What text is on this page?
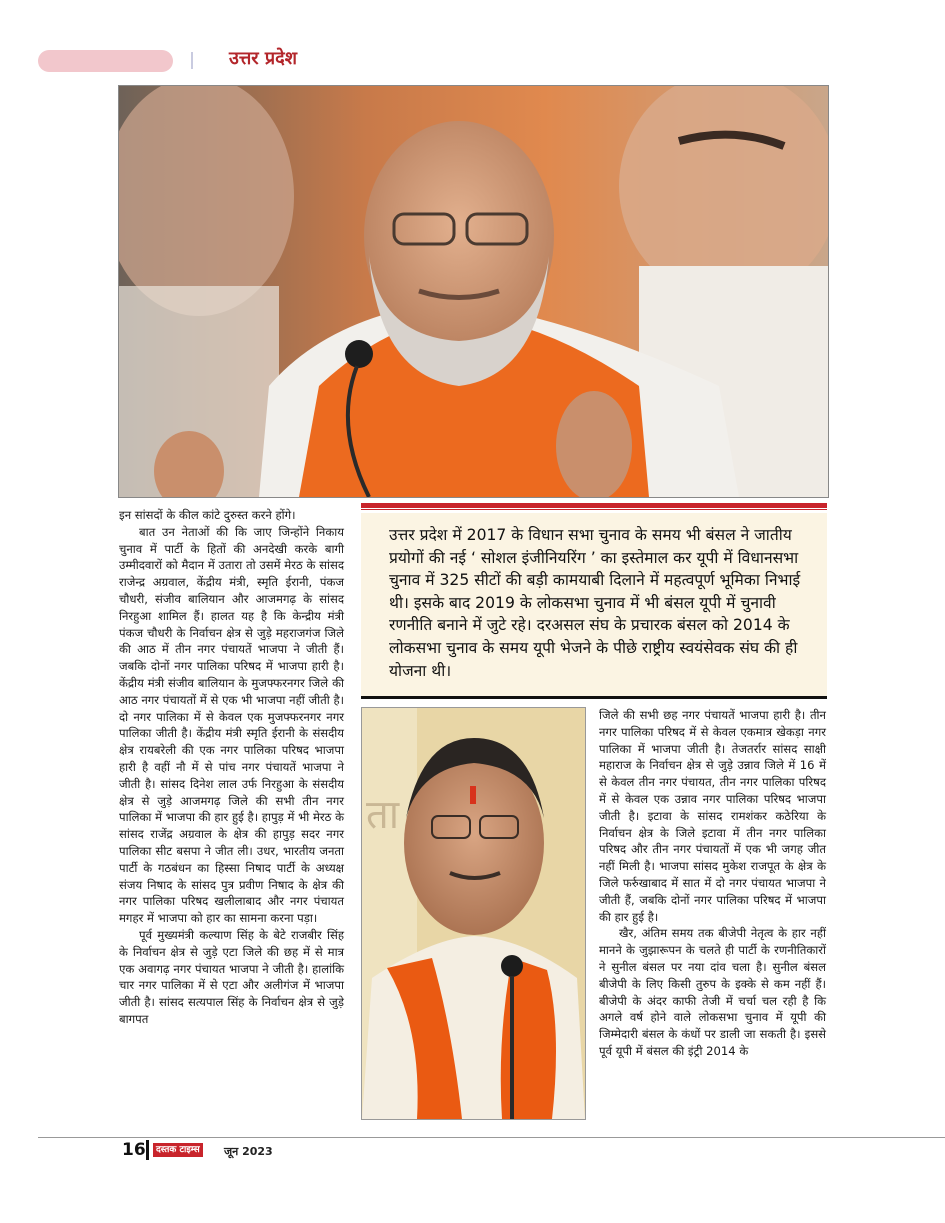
उत्तर प्रदेश

इन सांसदों के कील कांटे दुरुस्त करने होंगे।

बात उन नेताओं की कि जाए जिन्होंने निकाय चुनाव में पार्टी के हितों की अनदेखी करके बागी उम्मीदवारों को मैदान में उतारा तो उसमें मेरठ के सांसद राजेन्द्र अग्रवाल, केंद्रीय मंत्री, स्मृति ईरानी, पंकज चौधरी, संजीव बालियान और आजमगढ़ के सांसद निरहुआ शामिल हैं। हालत यह है कि केन्द्रीय मंत्री पंकज चौधरी के निर्वाचन क्षेत्र से जुड़े महराजगंज जिले की आठ में तीन नगर पंचायतें भाजपा ने जीती हैं। जबकि दोनों नगर पालिका परिषद में भाजपा हारी है। केंद्रीय मंत्री संजीव बालियान के मुजफ्फरनगर जिले की आठ नगर पंचायतों में से एक भी भाजपा नहीं जीती है। दो नगर पालिका में से केवल एक मुजफ्फरनगर नगर पालिका जीती है। केंद्रीय मंत्री स्मृति ईरानी के संसदीय क्षेत्र रायबरेली की एक नगर पालिका परिषद भाजपा हारी है वहीं नौ में से पांच नगर पंचायतें भाजपा ने जीती है। सांसद दिनेश लाल उर्फ निरहुआ के संसदीय क्षेत्र से जुड़े आजमगढ़ जिले की सभी तीन नगर पालिका में भाजपा की हार हुई है। हापुड़ में भी मेरठ के सांसद राजेंद्र अग्रवाल के क्षेत्र की हापुड़ सदर नगर पालिका सीट बसपा ने जीत ली। उधर, भारतीय जनता पार्टी के गठबंधन का हिस्सा निषाद पार्टी के अध्यक्ष संजय निषाद के सांसद पुत्र प्रवीण निषाद के क्षेत्र की नगर पालिका परिषद खलीलाबाद और नगर पंचायत मगहर में भाजपा को हार का सामना करना पड़ा।

पूर्व मुख्यमंत्री कल्याण सिंह के बेटे राजबीर सिंह के निर्वाचन क्षेत्र से जुड़े एटा जिले की छह में से मात्र एक अवागढ़ नगर पंचायत भाजपा ने जीती है। हालांकि चार नगर पालिका में से एटा और अलीगंज में भाजपा जीती है। सांसद सत्यपाल सिंह के निर्वाचन क्षेत्र से जुड़े बागपत

उत्तर प्रदेश में 2017 के विधान सभा चुनाव के समय भी बंसल ने जातीय प्रयोगों की नई ‘ सोशल इंजीनियरिंग ’ का इस्तेमाल कर यूपी में विधानसभा चुनाव में 325 सीटों की बड़ी कामयाबी दिलाने में महत्वपूर्ण भूमिका निभाई थी। इसके बाद 2019 के लोकसभा चुनाव में भी बंसल यूपी में चुनावी रणनीति बनाने में जुटे रहे। दरअसल संघ के प्रचारक बंसल को 2014 के लोकसभा चुनाव के समय यूपी भेजने के पीछे राष्ट्रीय स्वयंसेवक संघ की ही योजना थी।
ता

जिले की सभी छह नगर पंचायतें भाजपा हारी है। तीन नगर पालिका परिषद में से केवल एकमात्र खेकड़ा नगर पालिका में भाजपा जीती है। तेजतर्रार सांसद साक्षी महाराज के निर्वाचन क्षेत्र से जुड़े उन्नाव जिले में 16 में से केवल तीन नगर पंचायत, तीन नगर पालिका परिषद में से केवल एक उन्नाव नगर पालिका परिषद भाजपा जीती है। इटावा के सांसद रामशंकर कठेरिया के निर्वाचन क्षेत्र के जिले इटावा में तीन नगर पालिका परिषद और तीन नगर पंचायतों में एक भी जगह जीत नहीं मिली है। भाजपा सांसद मुकेश राजपूत के क्षेत्र के जिले फर्रुखाबाद में सात में दो नगर पंचायत भाजपा ने जीती हैं, जबकि दोनों नगर पालिका परिषद में भाजपा की हार हुई है।

खैर, अंतिम समय तक बीजेपी नेतृत्व के हार नहीं मानने के जुझारूपन के चलते ही पार्टी के रणनीतिकारों ने सुनील बंसल पर नया दांव चला है। सुनील बंसल बीजेपी के लिए किसी तुरुप के इक्के से कम नहीं हैं। बीजेपी के अंदर काफी तेजी में चर्चा चल रही है कि अगले वर्ष होने वाले लोकसभा चुनाव में यूपी की जिम्मेदारी बंसल के कंधों पर डाली जा सकती है। इससे पूर्व यूपी में बंसल की इंट्री 2014 के

16	दस्तक टाइम्स जून 2023
